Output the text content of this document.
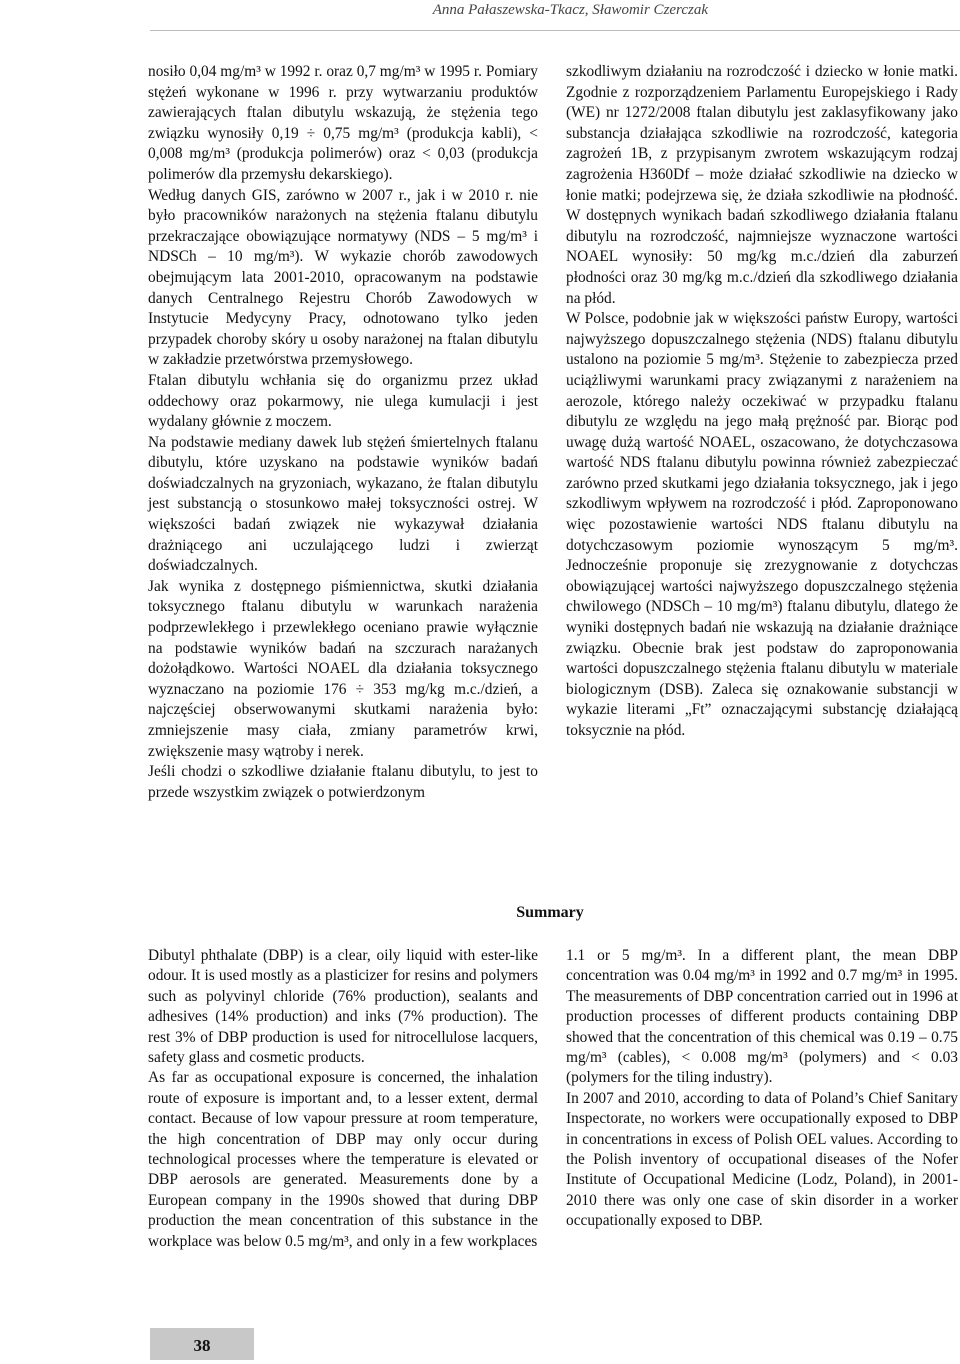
Anna Pałaszewska-Tkacz, Sławomir Czerczak

nosiło 0,04 mg/m³ w 1992 r. oraz 0,7 mg/m³ w 1995 r. Pomiary stężeń wykonane w 1996 r. przy wytwarzaniu produktów zawierających ftalan dibutylu wskazują, że stężenia tego związku wynosiły 0,19 ÷ 0,75 mg/m³ (produkcja kabli), < 0,008 mg/m³ (produkcja polimerów) oraz < 0,03 (produkcja polimerów dla przemysłu dekarskiego).

Według danych GIS, zarówno w 2007 r., jak i w 2010 r. nie było pracowników narażonych na stężenia ftalanu dibutylu przekraczające obowiązujące normatywy (NDS – 5 mg/m³ i NDSCh – 10 mg/m³). W wykazie chorób zawodowych obejmującym lata 2001-2010, opracowanym na podstawie danych Centralnego Rejestru Chorób Zawodowych w Instytucie Medycyny Pracy, odnotowano tylko jeden przypadek choroby skóry u osoby narażonej na ftalan dibutylu w zakładzie przetwórstwa przemysłowego.

Ftalan dibutylu wchłania się do organizmu przez układ oddechowy oraz pokarmowy, nie ulega kumulacji i jest wydalany głównie z moczem.

Na podstawie mediany dawek lub stężeń śmiertelnych ftalanu dibutylu, które uzyskano na podstawie wyników badań doświadczalnych na gryzoniach, wykazano, że ftalan dibutylu jest substancją o stosunkowo małej toksyczności ostrej. W większości badań związek nie wykazywał działania drażniącego ani uczulającego ludzi i zwierząt doświadczalnych.

Jak wynika z dostępnego piśmiennictwa, skutki działania toksycznego ftalanu dibutylu w warunkach narażenia podprzewlekłego i przewlekłego oceniano prawie wyłącznie na podstawie wyników badań na szczurach narażanych dożołądkowo. Wartości NOAEL dla działania toksycznego wyznaczano na poziomie 176 ÷ 353 mg/kg m.c./dzień, a najczęściej obserwowanymi skutkami narażenia było: zmniejszenie masy ciała, zmiany parametrów krwi, zwiększenie masy wątroby i nerek.

Jeśli chodzi o szkodliwe działanie ftalanu dibutylu, to jest to przede wszystkim związek o potwierdzonym

szkodliwym działaniu na rozrodczość i dziecko w łonie matki. Zgodnie z rozporządzeniem Parlamentu Europejskiego i Rady (WE) nr 1272/2008 ftalan dibutylu jest zaklasyfikowany jako substancja działająca szkodliwie na rozrodczość, kategoria zagrożeń 1B, z przypisanym zwrotem wskazującym rodzaj zagrożenia H360Df – może działać szkodliwie na dziecko w łonie matki; podejrzewa się, że działa szkodliwie na płodność. W dostępnych wynikach badań szkodliwego działania ftalanu dibutylu na rozrodczość, najmniejsze wyznaczone wartości NOAEL wynosiły: 50 mg/kg m.c./dzień dla zaburzeń płodności oraz 30 mg/kg m.c./dzień dla szkodliwego działania na płód.

W Polsce, podobnie jak w większości państw Europy, wartości najwyższego dopuszczalnego stężenia (NDS) ftalanu dibutylu ustalono na poziomie 5 mg/m³. Stężenie to zabezpiecza przed uciążliwymi warunkami pracy związanymi z narażeniem na aerozole, którego należy oczekiwać w przypadku ftalanu dibutylu ze względu na jego małą prężność par. Biorąc pod uwagę dużą wartość NOAEL, oszacowano, że dotychczasowa wartość NDS ftalanu dibutylu powinna również zabezpieczać zarówno przed skutkami jego działania toksycznego, jak i jego szkodliwym wpływem na rozrodczość i płód. Zaproponowano więc pozostawienie wartości NDS ftalanu dibutylu na dotychczasowym poziomie wynoszącym 5 mg/m³. Jednocześnie proponuje się zrezygnowanie z dotychczas obowiązującej wartości najwyższego dopuszczalnego stężenia chwilowego (NDSCh – 10 mg/m³) ftalanu dibutylu, dlatego że wyniki dostępnych badań nie wskazują na działanie drażniące związku. Obecnie brak jest podstaw do zaproponowania wartości dopuszczalnego stężenia ftalanu dibutylu w materiale biologicznym (DSB). Zaleca się oznakowanie substancji w wykazie literami „Ft” oznaczającymi substancję działającą toksycznie na płód.

Summary

Dibutyl phthalate (DBP) is a clear, oily liquid with ester-like odour. It is used mostly as a plasticizer for resins and polymers such as polyvinyl chloride (76% production), sealants and adhesives (14% production) and inks (7% production). The rest 3% of DBP production is used for nitrocellulose lacquers, safety glass and cosmetic products.

As far as occupational exposure is concerned, the inhalation route of exposure is important and, to a lesser extent, dermal contact. Because of low vapour pressure at room temperature, the high concentration of DBP may only occur during technological processes where the temperature is elevated or DBP aerosols are generated. Measurements done by a European company in the 1990s showed that during DBP production the mean concentration of this substance in the workplace was below 0.5 mg/m³, and only in a few workplaces

1.1 or 5 mg/m³. In a different plant, the mean DBP concentration was 0.04 mg/m³ in 1992 and 0.7 mg/m³ in 1995. The measurements of DBP concentration carried out in 1996 at production processes of different products containing DBP showed that the concentration of this chemical was 0.19 – 0.75 mg/m³ (cables), < 0.008 mg/m³ (polymers) and < 0.03 (polymers for the tiling industry).

In 2007 and 2010, according to data of Poland’s Chief Sanitary Inspectorate, no workers were occupationally exposed to DBP in concentrations in excess of Polish OEL values. According to the Polish inventory of occupational diseases of the Nofer Institute of Occupational Medicine (Lodz, Poland), in 2001-2010 there was only one case of skin disorder in a worker occupationally exposed to DBP.

38
